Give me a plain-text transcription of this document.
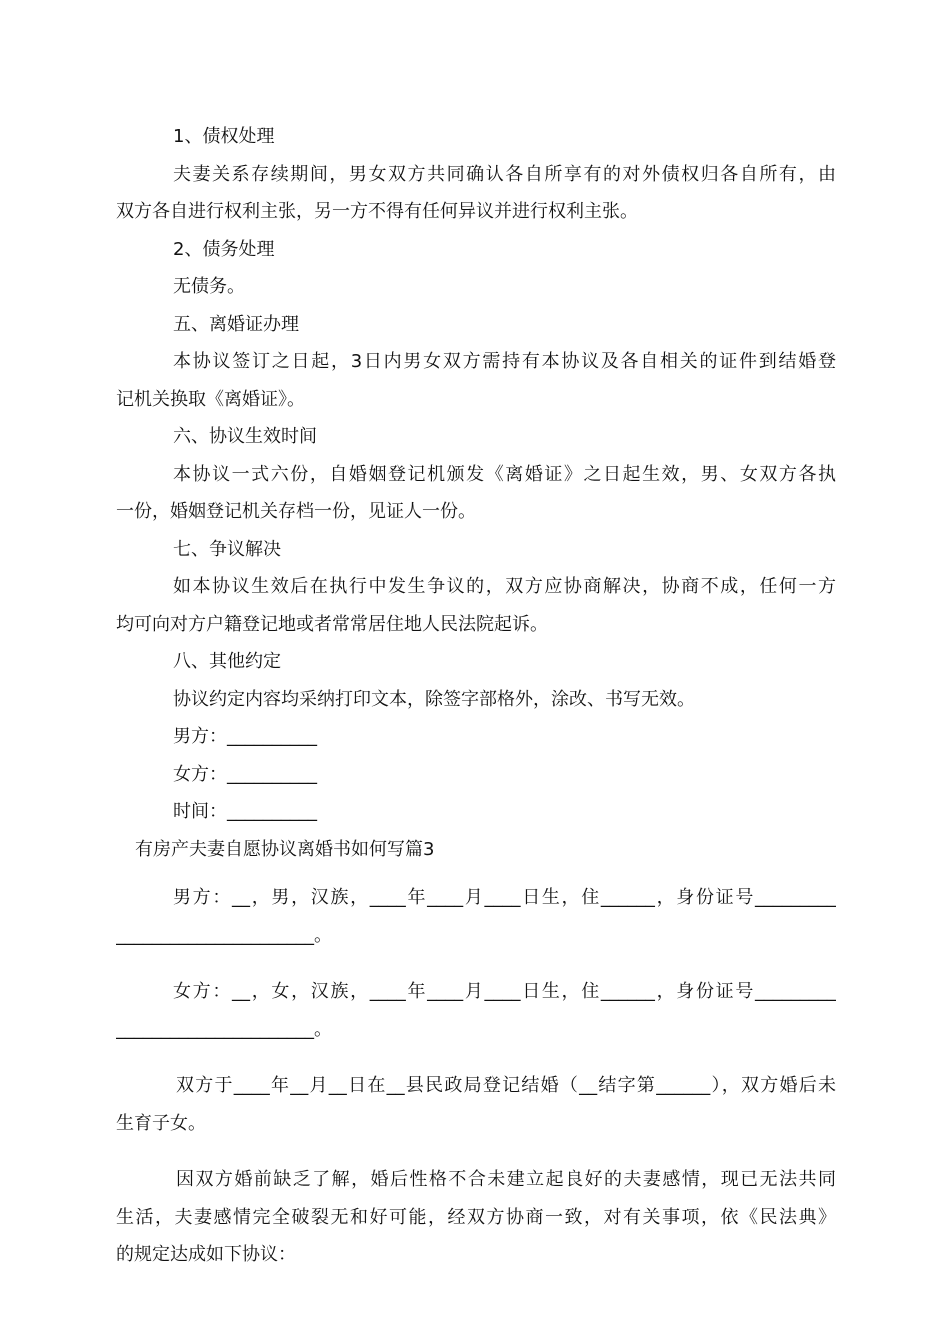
1、债权处理
夫妻关系存续期间，男女双方共同确认各自所享有的对外债权归各自所有，由
双方各自进行权利主张，另一方不得有任何异议并进行权利主张。
2、债务处理
无债务。
五、离婚证办理
本协议签订之日起，3日内男女双方需持有本协议及各自相关的证件到结婚登
记机关换取《离婚证》。
六、协议生效时间
本协议一式六份，自婚姻登记机颁发《离婚证》之日起生效，男、女双方各执
一份，婚姻登记机关存档一份，见证人一份。
七、争议解决
如本协议生效后在执行中发生争议的，双方应协商解决，协商不成，任何一方
均可向对方户籍登记地或者常常居住地人民法院起诉。
八、其他约定
协议约定内容均采纳打印文本，除签字部格外，涂改、书写无效。
男方：__________
女方：__________
时间：__________
有房产夫妻自愿协议离婚书如何写篇3
男方：__，男，汉族，____年____月____日生，住______，身份证号_________
______________________。
女方：__，女，汉族，____年____月____日生，住______，身份证号_________
______________________。
双方于____年__月__日在__县民政局登记结婚（__结字第______），双方婚后未
生育子女。
因双方婚前缺乏了解，婚后性格不合未建立起良好的夫妻感情，现已无法共同
生活，夫妻感情完全破裂无和好可能，经双方协商一致，对有关事项，依《民法典》
的规定达成如下协议：
